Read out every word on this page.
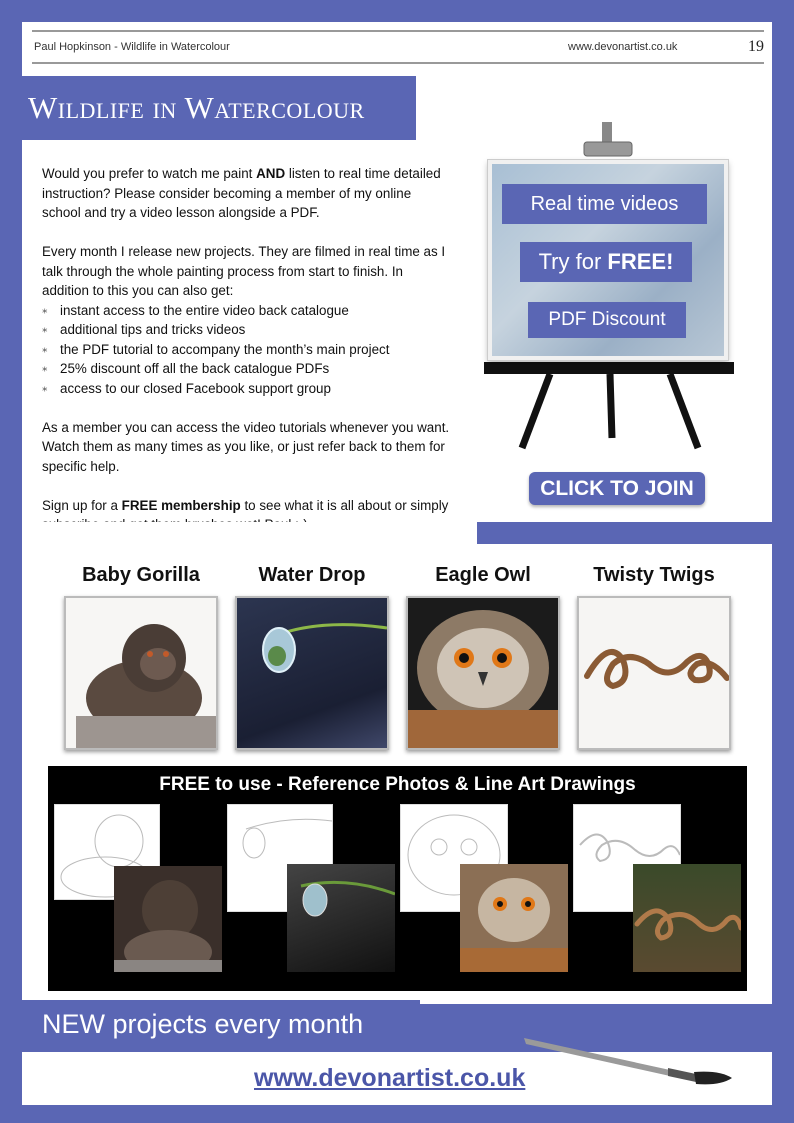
Paul Hopkinson - Wildlife in Watercolour	www.devonartist.co.uk	19
Wildlife in Watercolour

Would you prefer to watch me paint AND listen to real time detailed instruction? Please consider becoming a member of my online school and try a video lesson alongside a PDF.

Every month I release new projects. They are filmed in real time as I talk through the whole painting process from start to finish. In addition to this you can also get:

⁎ instant access to the entire video back catalogue
⁎ additional tips and tricks videos
⁎ the PDF tutorial to accompany the month’s main project
⁎ 25% discount off all the back catalogue PDFs
⁎ access to our closed Facebook support group

As a member you can access the video tutorials whenever you want. Watch them as many times as you like, or just refer back to them for specific help.

Sign up for a FREE membership to see what it is all about or simply

Real time videos
Try for FREE!
PDF Discount
CLICK TO JOIN
Baby Gorilla	Water Drop	Eagle Owl	Twisty Twigs
FREE to use - Reference Photos & Line Art Drawings
NEW projects every month
www.devonartist.co.uk
